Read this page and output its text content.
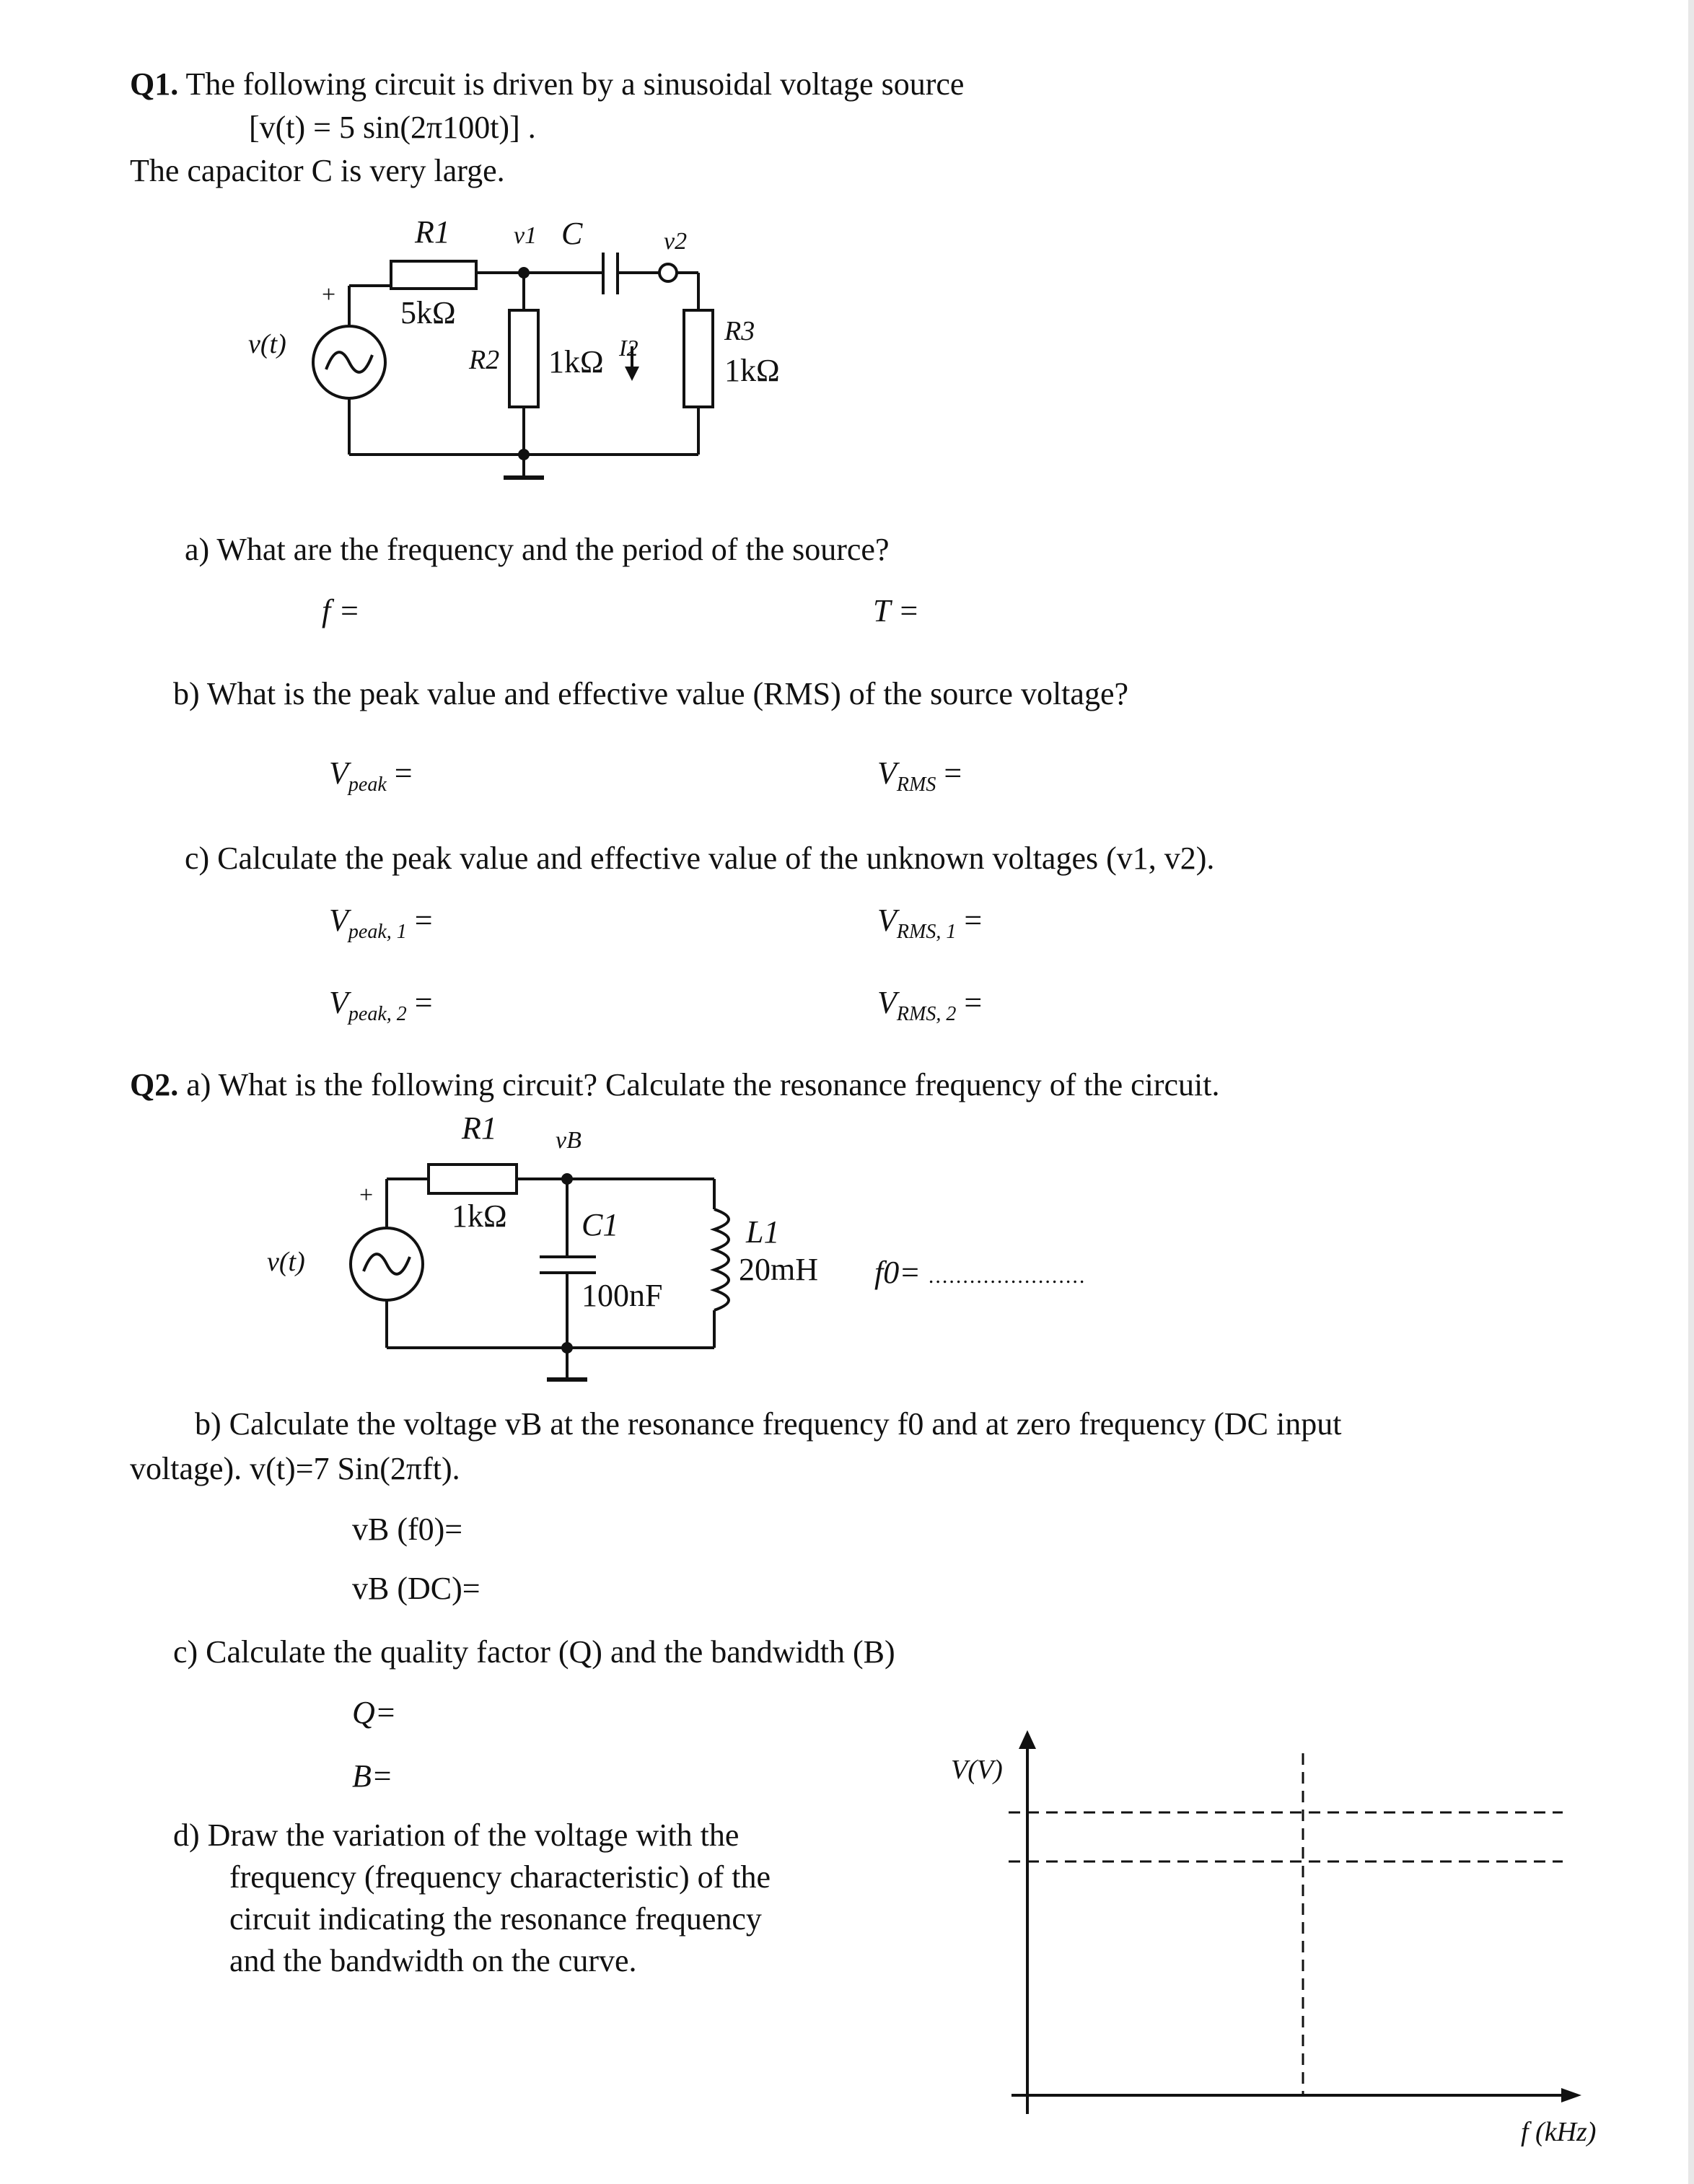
Q1. The following circuit is driven by a sinusoidal voltage source
[v(t) = 5 sin(2π100t)] .
The capacitor C is very large.
R1
5kΩ
v1 C	v2
v(t)
+
R2 1kΩ I2
R3
1kΩ
a) What are the frequency and the period of the source?
f =	T =
b) What is the peak value and effective value (RMS) of the source voltage?
$V_{peak}$ =	$V_{RMS}$ =
c) Calculate the peak value and effective value of the unknown voltages (v1, v2).
$V_{peak, 1}$ =	$V_{RMS, 1}$ =
$V_{peak, 2}$ =	$V_{RMS, 2}$ =
Q2. a) What is the following circuit? Calculate the resonance frequency of the circuit.
R1
1kΩ
vB
C1
100nF
L1
20mH
v(t)
+
f0= .......................
b) Calculate the voltage vB at the resonance frequency f0 and at zero frequency (DC input
voltage). v(t)=7 Sin(2πft).
vB (f0)=
vB (DC)=
c) Calculate the quality factor (Q) and the bandwidth (B)
Q=
B=
d) Draw the variation of the voltage with the
frequency (frequency characteristic) of the
circuit indicating the resonance frequency
and the bandwidth on the curve.
V(V)
f (kHz)
